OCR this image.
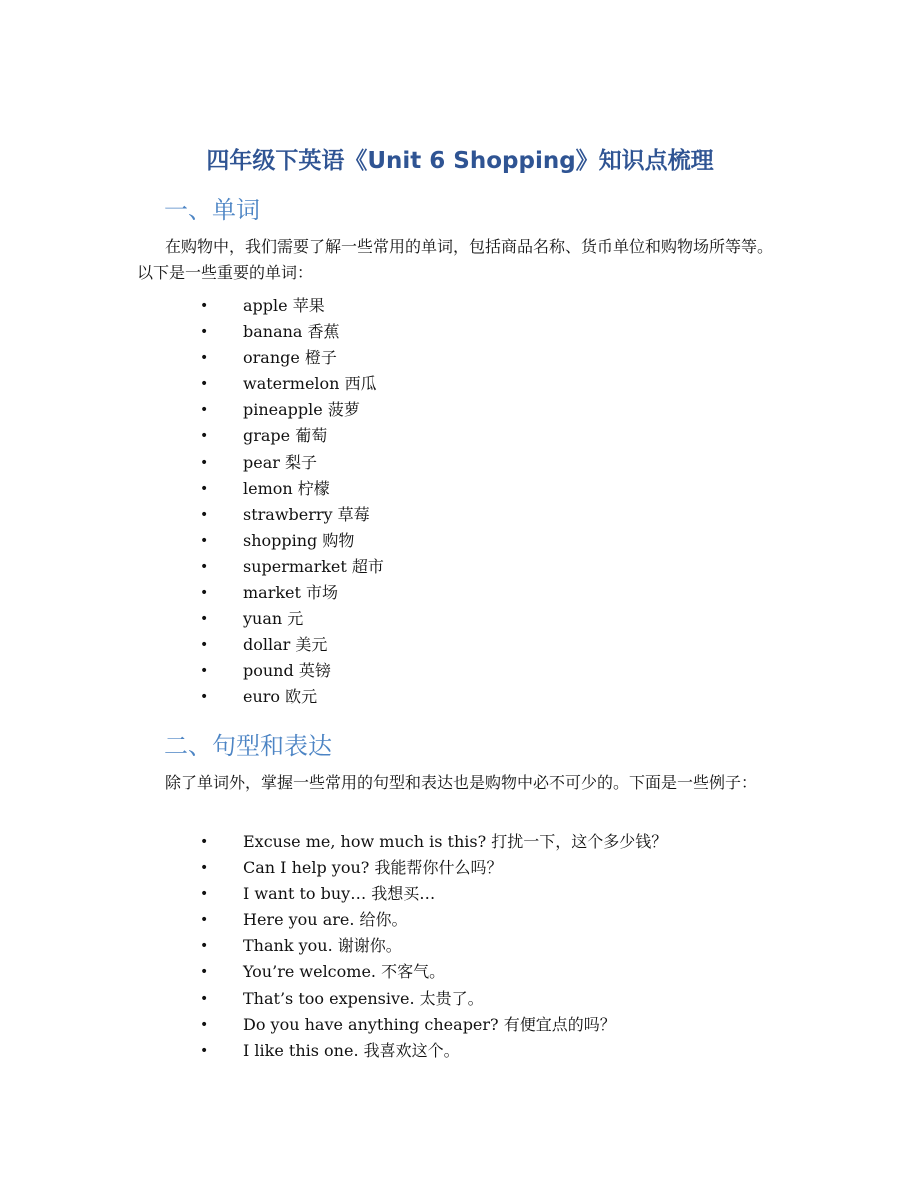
四年级下英语《Unit 6 Shopping》知识点梳理
一、单词

在购物中，我们需要了解一些常用的单词，包括商品名称、货币单位和购物场所等等。以下是一些重要的单词：

• apple 苹果
• banana 香蕉
• orange 橙子
• watermelon 西瓜
• pineapple 菠萝
• grape 葡萄
• pear 梨子
• lemon 柠檬
• strawberry 草莓
• shopping 购物
• supermarket 超市
• market 市场
• yuan 元
• dollar 美元
• pound 英镑
• euro 欧元
二、句型和表达

除了单词外，掌握一些常用的句型和表达也是购物中必不可少的。下面是一些例子：

• Excuse me, how much is this? 打扰一下，这个多少钱？
• Can I help you? 我能帮你什么吗？
• I want to buy… 我想买…
• Here you are. 给你。
• Thank you. 谢谢你。
• You’re welcome. 不客气。
• That’s too expensive. 太贵了。
• Do you have anything cheaper? 有便宜点的吗？
• I like this one. 我喜欢这个。
